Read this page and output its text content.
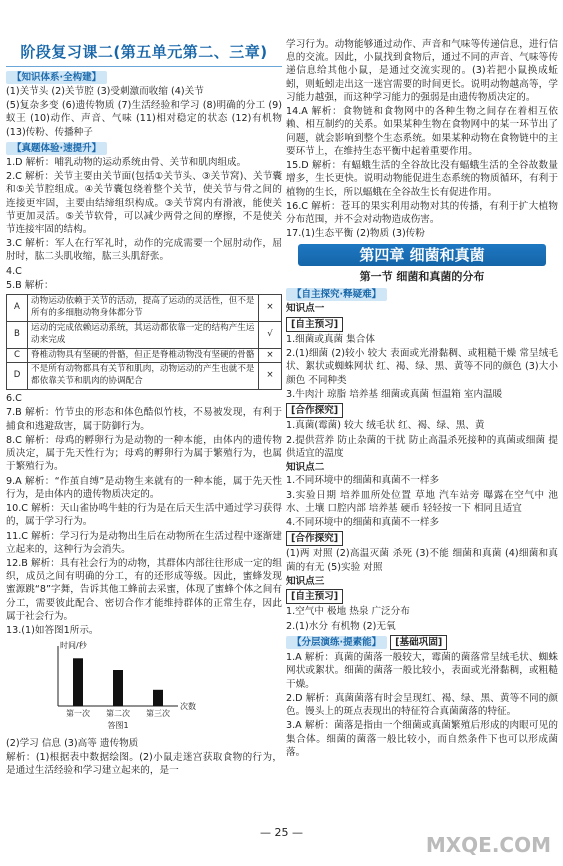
阶段复习课二(第五单元第二、三章)
【知识体系·全构建】

(1)关节头 (2)关节腔 (3)受刺激而收缩 (4)关节

(5)复杂多变 (6)遗传物质 (7)生活经验和学习 (8)明确的分工 (9)蚁王 (10)动作、声音、气味 (11)相对稳定的状态 (12)有机物 (13)传粉、传播种子

【真题体验·速提升】

1.D 解析：哺乳动物的运动系统由骨、关节和肌肉组成。

2.C 解析：关节主要由关节面(包括①关节头、③关节窝)、关节囊和⑤关节腔组成。④关节囊包绕着整个关节，使关节与骨之间的连接更牢固，主要由结缔组织构成。③关节窝内有滑液，能使关节更加灵活。⑤关节软骨，可以减少两骨之间的摩擦，不是使关节连接牢固的结构。

3.C 解析：军人在行军礼时，动作的完成需要一个屈肘动作，屈肘时，肱二头肌收缩，肱三头肌舒张。

4.C

5.B 解析：

A	动物运动依赖于关节的活动，提高了运动的灵活性，但不是所有的多细胞动物身体都分节	×
B	运动的完成依赖运动系统，其运动都依靠一定的结构产生运动来完成	√
C	脊椎动物具有坚硬的骨骼，但正是脊椎动物没有坚硬的骨骼	×
D	不是所有动物都具有关节和肌肉，动物运动的产生也就不是都依靠关节和肌肉的协调配合	×

6.C

7.B 解析：竹节虫的形态和体色酷似竹枝，不易被发现，有利于捕食和逃避敌害，属于防御行为。

8.C 解析：母鸡的孵卵行为是动物的一种本能，由体内的遗传物质决定，属于先天性行为；母鸡的孵卵行为属于繁殖行为，也属于繁殖行为。

9.A 解析：“作茧自缚”是动物生来就有的一种本能，属于先天性行为，是由体内的遗传物质决定的。

10.C 解析：天山雀协鸣牛蛙的行为是在后天生活中通过学习获得的，属于学习行为。

11.C 解析：学习行为是动物出生后在动物所在生活过程中逐渐建立起来的，这种行为会消失。

12.B 解析：具有社会行为的动物，其群体内部往往形成一定的组织，成员之间有明确的分工，有的还形成等级。因此，蜜蜂发现蜜源跳“8”字舞，告诉其他工蜂前去采蜜，体现了蜜蜂个体之间有分工，需要彼此配合、密切合作才能维持群体的正常生存，因此属于社会行为。

13.(1)如答图1所示。

时间/秒
次数
第一次 第二次 第三次
答图1

(2)学习 信息 (3)高等 遗传物质

解析：(1)根据表中数据绘图。(2)小鼠走迷宫获取食物的行为，是通过生活经验和学习建立起来的，是一

学习行为。动物能够通过动作、声音和气味等传递信息，进行信息的交流。因此，小鼠找到食物后，通过不同的声音、气味等传递信息给其他小鼠，是通过交流实现的。(3)若把小鼠换成蚯蚓，则蚯蚓走出这一迷宫需要的时间更长。说明动物越高等，学习能力越强，而这种学习能力的强弱是由遗传物质决定的。

14.A 解析：食物链和食物网中的各种生物之间存在着相互依赖、相互制约的关系。如果某种生物在食物网中的某一环节出了问题，就会影响到整个生态系统。如果某种动物在食物链中的主要环节上，在维持生态平衡中起着重要作用。

15.D 解析：有蝠蛾生活的全谷故比没有蝠蛾生活的全谷故数量增多，生长更快。说明动物能促进生态系统的物质循环，有利于植物的生长，所以蝠蛾在全谷故生长有促进作用。

16.C 解析：苍耳的果实利用动物对其的传播，有利于扩大植物分布范围，并不会对动物造成伤害。

17.(1)生态平衡 (2)物质 (3)传粉

第四章 细菌和真菌
第一节 细菌和真菌的分布
【自主探究·释疑难】
知识点一
[自主预习]

1.细菌或真菌 集合体

2.(1)细菌 (2)较小 较大 表面或光滑黏稠、或粗糙干燥 常呈绒毛状、絮状或蜘蛛网状 红、褐、绿、黑、黄等不同的颜色 (3)大小 颜色 不同种类

3.牛肉汁 琼脂 培养基 细菌或真菌 恒温箱 室内温暖

[合作探究]

1.真菌(霉菌) 较大 绒毛状 红、褐、绿、黑、黄

2.提供营养 防止杂菌的干扰 防止高温杀死接种的真菌或细菌 提供适宜的温度

知识点二

1.不同环境中的细菌和真菌不一样多

3.实验日期 培养皿所处位置 草地 汽车站旁 曝露在空气中 池水、土壤 口腔内部 培养基 硬币 轻轻按一下 相同且适宜

4.不同环境中的细菌和真菌不一样多

[合作探究]

(1)两 对照 (2)高温灭菌 杀死 (3)不能 细菌和真菌 (4)细菌和真菌的有无 (5)实验 对照

知识点三
[自主预习]

1.空气中 极地 热泉 广泛分布

2.(1)水分 有机物 (2)无氧

【分层演练·提素能】 [基础巩固]

1.A 解析：真菌的菌落一般较大，霉菌的菌落常呈绒毛状、蜘蛛网状或絮状。细菌的菌落一般比较小，表面或光滑黏稠，或粗糙干燥。

2.D 解析：真菌菌落有时会呈现红、褐、绿、黑、黄等不同的颜色。馒头上的斑点表现出的特征符合真菌菌落的特征。

3.A 解析：菌落是指由一个细菌或真菌繁殖后形成的肉眼可见的集合体。细菌的菌落一般比较小，而自然条件下也可以形成菌落。

— 25 —
MXQE.COM
